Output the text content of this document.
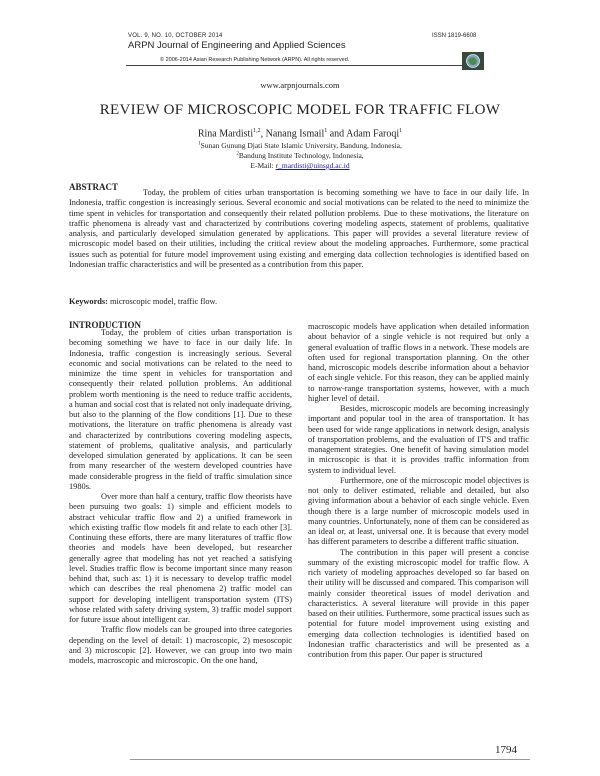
VOL. 9, NO. 10, OCTOBER 2014	ISSN 1819-6608
ARPN Journal of Engineering and Applied Sciences
© 2006-2014 Asian Research Publishing Network (ARPN). All rights reserved.
www.arpnjournals.com
REVIEW OF MICROSCOPIC MODEL FOR TRAFFIC FLOW
Rina Mardisti$^{1,2}$, Nanang Ismail$^1$ and Adam Faroqi$^1$
$^1$Sunan Gunung Djati State Islamic University, Bandung, Indonesia,
$^2$Bandung Institute Technology, Indonesia,
E-Mail: r_mardisti@uinsgd.ac.id
ABSTRACT
Today, the problem of cities urban transportation is becoming something we have to face in our daily life. In Indonesia, traffic congestion is increasingly serious. Several economic and social motivations can be related to the need to minimize the time spent in vehicles for transportation and consequently their related pollution problems. Due to these motivations, the literature on traffic phenomena is already vast and characterized by contributions covering modeling aspects, statement of problems, qualitative analysis, and particularly developed simulation generated by applications. This paper will provides a several literature review of microscopic model based on their utilities, including the critical review about the modeling approaches. Furthermore, some practical issues such as potential for future model improvement using existing and emerging data collection technologies is identified based on Indonesian traffic characteristics and will be presented as a contribution from this paper.
Keywords: microscopic model, traffic flow.
INTRODUCTION

Today, the problem of cities urban transportation is becoming something we have to face in our daily life. In Indonesia, traffic congestion is increasingly serious. Several economic and social motivations can be related to the need to minimize the time spent in vehicles for transportation and consequently their related pollution problems. An additional problem worth mentioning is the need to reduce traffic accidents, a human and social cost that is related not only inadequate driving, but also to the planning of the flow conditions [1]. Due to these motivations, the literature on traffic phenomena is already vast and characterized by contributions covering modeling aspects, statement of problems, qualitative analysis, and particularly developed simulation generated by applications. It can be seen from many researcher of the western developed countries have made considerable progress in the field of traffic simulation since 1980s.

Over more than half a century, traffic flow theorists have been pursuing two goals: 1) simple and efficient models to abstract vehicular traffic flow and 2) a unified framework in which existing traffic flow models fit and relate to each other [3]. Continuing these efforts, there are many literatures of traffic flow theories and models have been developed, but researcher generally agree that modeling has not yet reached a satisfying level. Studies traffic flow is become important since many reason behind that, such as: 1) it is necessary to develop traffic model which can describes the real phenomena 2) traffic model can support for developing intelligent transportation system (ITS) whose related with safety driving system, 3) traffic model support for future issue about intelligent car.

Traffic flow models can be grouped into three categories depending on the level of detail: 1) macroscopic, 2) mesoscopic and 3) microscopic [2]. However, we can group into two main models, macroscopic and microscopic. On the one hand,

macroscopic models have application when detailed information about behavior of a single vehicle is not required but only a general evaluation of traffic flows in a network. These models are often used for regional transportation planning. On the other hand, microscopic models describe information about a behavior of each single vehicle. For this reason, they can be applied mainly to narrow-range transportation systems, however, with a much higher level of detail.

Besides, microscopic models are becoming increasingly important and popular tool in the area of transportation. It has been used for wide range applications in network design, analysis of transportation problems, and the evaluation of IT'S and traffic management strategies. One benefit of having simulation model in microscopic is that it is provides traffic information from system to individual level.

Furthermore, one of the microscopic model objectives is not only to deliver estimated, reliable and detailed, but also giving information about a behavior of each single vehicle. Even though there is a large number of microscopic models used in many countries. Unfortunately, none of them can be considered as an ideal or, at least, universal one. It is because that every model has different parameters to describe a different traffic situation.

The contribution in this paper will present a concise summary of the existing microscopic model for traffic flow. A rich variety of modeling approaches developed so far based on their utility will be discussed and compared. This comparison will mainly consider theoretical issues of model derivation and characteristics. A several literature will provide in this paper based on their utilities. Furthermore, some practical issues such as potential for future model improvement using existing and emerging data collection technologies is identified based on Indonesian traffic characteristics and will be presented as a contribution from this paper. Our paper is structured

1794
